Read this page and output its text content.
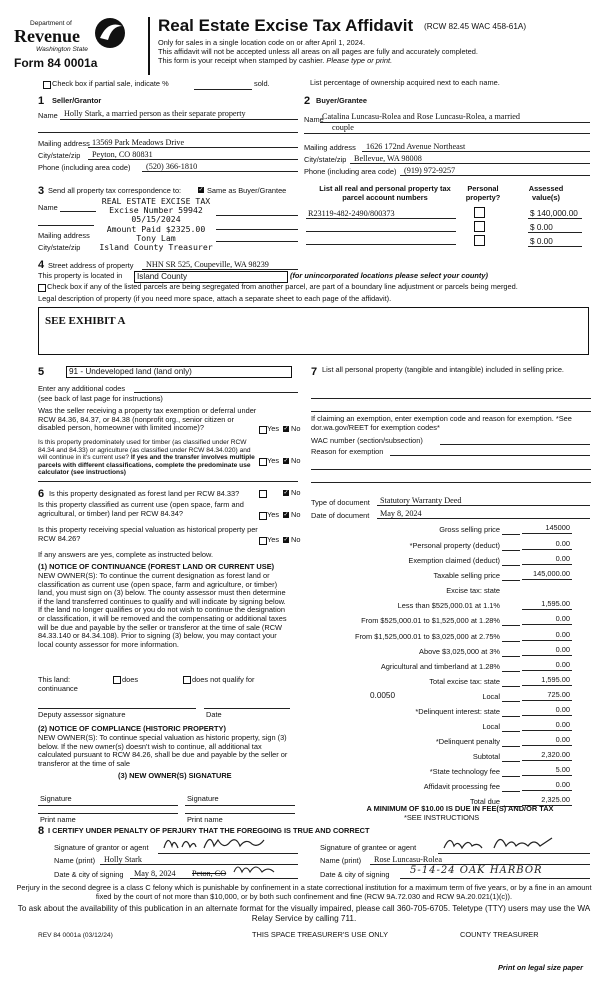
Department of
Revenue
Washington State
Form 84 0001a
Real Estate Excise Tax Affidavit (RCW 82.45 WAC 458-61A)
Only for sales in a single location code on or after April 1, 2024.
This affidavit will not be accepted unless all areas on all pages are fully and accurately completed.
This form is your receipt when stamped by cashier. Please type or print.
Check box if partial sale, indicate %	sold.	List percentage of ownership acquired next to each name.
1 Seller/Grantor
Name Holly Stark, a married person as their separate property
Mailing address 13569 Park Meadows Drive
City/state/zip Peyton, CO 80831
Phone (including area code) (520) 366-1810
2 Buyer/Grantee
Name
Catalina Luncasu-Rolea and Rose Luncasu-Rolea, a married
couple
Mailing address 1626 172nd Avenue Northeast
City/state/zip Bellevue, WA 98008
Phone (including area code) (919) 972-9257
3 Send all property tax correspondence to:	✓ Same as Buyer/Grantee
Name
Mailing address
City/state/zip
REAL ESTATE EXCISE TAX
Excise Number 59942
05/15/2024
Amount Paid $2325.00
Tony Lam
Island County Treasurer
List all real and personal property tax
parcel account numbers
Personal
property?
Assessed
value(s)
R23119-482-2490/800373	$ 140,000.00
$ 0.00
$ 0.00
4 Street address of property NHN SR 525, Coupeville, WA 98239
This property is located in	Island County	(for unincorporated locations please select your county)
Check box if any of the listed parcels are being segregated from another parcel, are part of a boundary line adjustment or parcels being merged.
Legal description of property (if you need more space, attach a separate sheet to each page of the affidavit).
SEE EXHIBIT A
5	91 - Undeveloped land (land only)
Enter any additional codes
(see back of last page for instructions)
Was the seller receiving a property tax exemption or deferral under RCW 84.36, 84.37, or 84.38 (nonprofit org., senior citizen or disabled person, homeowner with limited income)?	Yes ✓ No
Is this property predominately used for timber (as classified under RCW 84.34 and 84.33) or agriculture (as classified under RCW 84.34.020) and will continue in it's current use? If yes and the transfer involves multiple parcels with different classifications, complete the predominate use calculator (see instructions)
Yes ✓ No
6 Is this property designated as forest land per RCW 84.33?	✓ No
Is this property classified as current use (open space, farm and agricultural, or timber) land per RCW 84.34?	Yes ✓ No
Is this property receiving special valuation as historical property per RCW 84.26?	Yes ✓ No
If any answers are yes, complete as instructed below.
(1) NOTICE OF CONTINUANCE (FOREST LAND OR CURRENT USE)
NEW OWNER(S): To continue the current designation as forest land or classification as current use (open space, farm and agriculture, or timber) land, you must sign on (3) below. The county assessor must then determine if the land transferred continues to qualify and will indicate by signing below. If the land no longer qualifies or you do not wish to continue the designation or classification, it will be removed and the compensating or additional taxes will be due and payable by the seller or transferor at the time of sale (RCW 84.33.140 or 84.34.108). Prior to signing (3) below, you may contact your local county assessor for more information.
This land:
continuance
does	does not qualify for
Deputy assessor signature	Date
(2) NOTICE OF COMPLIANCE (HISTORIC PROPERTY)
NEW OWNER(S): To continue special valuation as historic property, sign (3) below. If the new owner(s) doesn't wish to continue, all additional tax calculated pursuant to RCW 84.26, shall be due and payable by the seller or transferor at the time of sale
(3) NEW OWNER(S) SIGNATURE
Signature	Signature
Print name	Print name
7 List all personal property (tangible and intangible) included in selling price.
If claiming an exemption, enter exemption code and reason for exemption. *See dor.wa.gov/REET for exemption codes*
WAC number (section/subsection)
Reason for exemption
Type of document Statutory Warranty Deed
Date of document May 8, 2024
Gross selling price	145000
*Personal property (deduct)	0.00
Exemption claimed (deduct)	0.00
Taxable selling price	145,000.00
Excise tax: state
Less than $525,000.01 at 1.1%	1,595.00
From $525,000.01 to $1,525,000 at 1.28%	0.00
From $1,525,000.01 to $3,025,000 at 2.75%	0.00
Above $3,025,000 at 3%	0.00
Agricultural and timberland at 1.28%	0.00
Total excise tax: state	1,595.00
0.0050	Local	725.00
*Delinquent interest: state	0.00
Local	0.00
*Delinquent penalty	0.00
Subtotal	2,320.00
*State technology fee	5.00
Affidavit processing fee	0.00
Total due	2,325.00
A MINIMUM OF $10.00 IS DUE IN FEE(S) AND/OR TAX
*SEE INSTRUCTIONS
8 I CERTIFY UNDER PENALTY OF PERJURY THAT THE FOREGOING IS TRUE AND CORRECT
Signature of grantor or agent
Name (print) Holly Stark
Date & city of signing May 8, 2024 Peton, CO
Signature of grantee or agent
Name (print) Rose Luncasu-Rolea
Date & city of signing 5-14-24 OAK HARBOR
Perjury in the second degree is a class C felony which is punishable by confinement in a state correctional institution for a maximum term of five years, or by a fine in an amount fixed by the court of not more than $10,000, or by both such confinement and fine (RCW 9A.72.030 and RCW 9A.20.021(1)(c)).
To ask about the availability of this publication in an alternate format for the visually impaired, please call 360-705-6705. Teletype (TTY) users may use the WA Relay Service by calling 711.
REV 84 0001a (03/12/24)	THIS SPACE TREASURER'S USE ONLY	COUNTY TREASURER
Print on legal size paper
